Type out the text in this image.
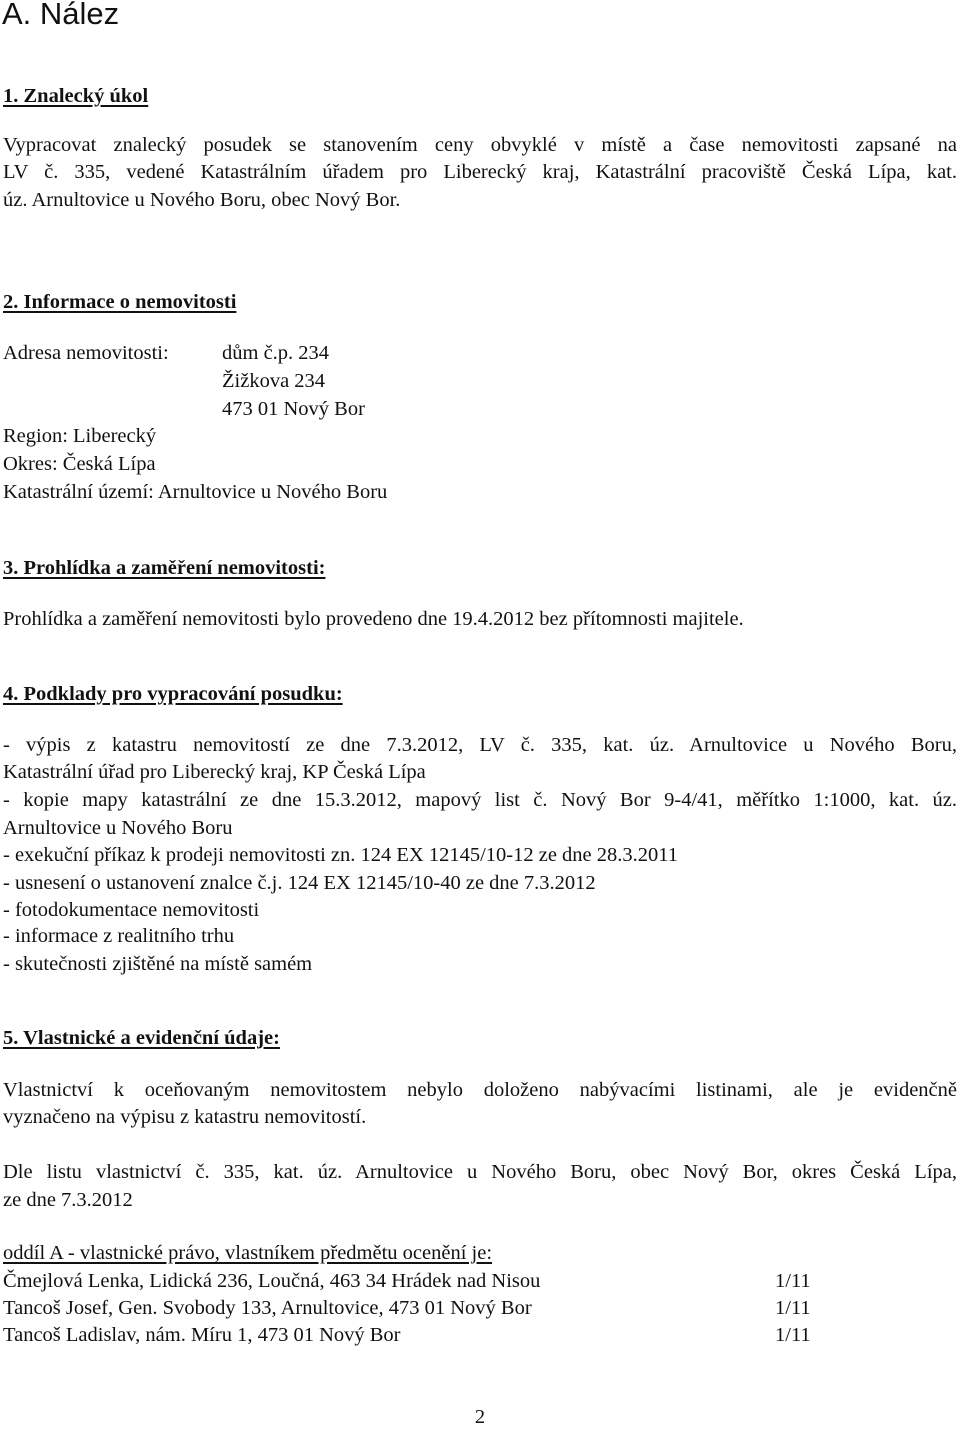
A. Nález
1. Znalecký úkol
Vypracovat znalecký posudek se stanovením ceny obvyklé v místě a čase nemovitosti zapsané na
LV č. 335, vedené Katastrálním úřadem pro Liberecký kraj, Katastrální pracoviště Česká Lípa, kat.
úz. Arnultovice u Nového Boru, obec Nový Bor.
2. Informace o nemovitosti
Adresa nemovitosti:	dům č.p. 234
Žižkova 234
473 01 Nový Bor
Region: Liberecký
Okres: Česká Lípa
Katastrální území: Arnultovice u Nového Boru
3. Prohlídka a zaměření nemovitosti:
Prohlídka a zaměření nemovitosti bylo provedeno dne 19.4.2012 bez přítomnosti majitele.
4. Podklady pro vypracování posudku:
- výpis z katastru nemovitostí ze dne 7.3.2012, LV č. 335, kat. úz. Arnultovice u Nového Boru,
Katastrální úřad pro Liberecký kraj, KP Česká Lípa
- kopie mapy katastrální ze dne 15.3.2012, mapový list č. Nový Bor 9-4/41, měřítko 1:1000, kat. úz.
Arnultovice u Nového Boru
- exekuční příkaz k prodeji nemovitosti zn. 124 EX 12145/10-12 ze dne 28.3.2011
- usnesení o ustanovení znalce č.j. 124 EX 12145/10-40 ze dne 7.3.2012
- fotodokumentace nemovitosti
- informace z realitního trhu
- skutečnosti zjištěné na místě samém
5. Vlastnické a evidenční údaje:
Vlastnictví k oceňovaným nemovitostem nebylo doloženo nabývacími listinami, ale je evidenčně
vyznačeno na výpisu z katastru nemovitostí.
Dle listu vlastnictví č. 335, kat. úz. Arnultovice u Nového Boru, obec Nový Bor, okres Česká Lípa,
ze dne 7.3.2012
oddíl A - vlastnické právo, vlastníkem předmětu ocenění je:
Čmejlová Lenka, Lidická 236, Loučná, 463 34 Hrádek nad Nisou	1/11
Tancoš Josef, Gen. Svobody 133, Arnultovice, 473 01 Nový Bor	1/11
Tancoš Ladislav, nám. Míru 1, 473 01 Nový Bor	1/11
2
